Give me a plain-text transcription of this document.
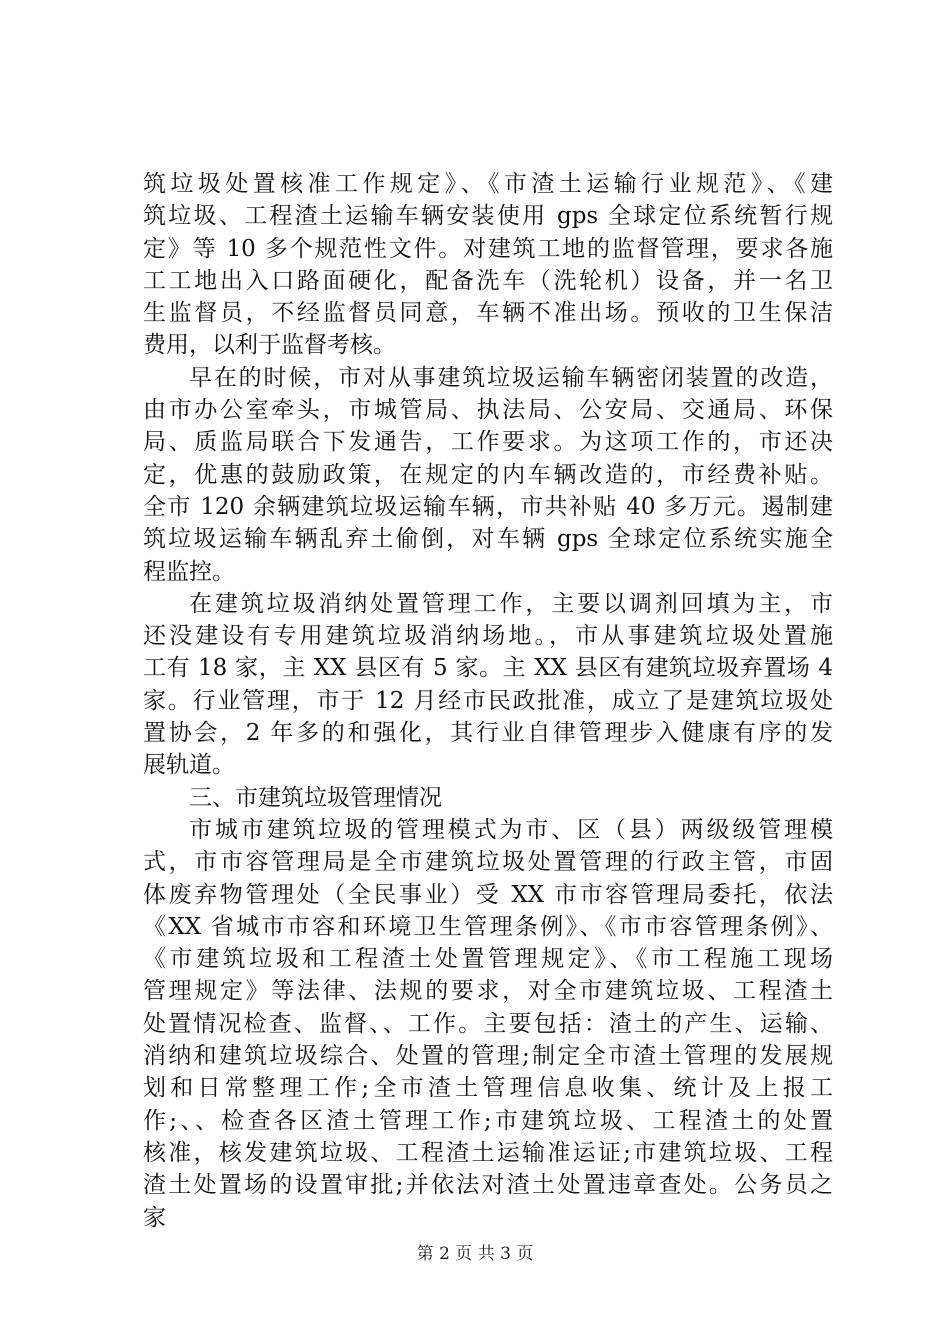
筑垃圾处置核准工作规定》、《市渣土运输行业规范》、《建
筑垃圾、工程渣土运输车辆安装使用 gps 全球定位系统暂行规
定》等 10 多个规范性文件。对建筑工地的监督管理，要求各施
工工地出入口路面硬化，配备洗车（洗轮机）设备，并一名卫
生监督员，不经监督员同意，车辆不准出场。预收的卫生保洁
费用，以利于监督考核。
早在的时候，市对从事建筑垃圾运输车辆密闭装置的改造，
由市办公室牵头，市城管局、执法局、公安局、交通局、环保
局、质监局联合下发通告，工作要求。为这项工作的，市还决
定，优惠的鼓励政策，在规定的内车辆改造的，市经费补贴。
全市 120 余辆建筑垃圾运输车辆，市共补贴 40 多万元。遏制建
筑垃圾运输车辆乱弃土偷倒，对车辆 gps 全球定位系统实施全
程监控。
在建筑垃圾消纳处置管理工作，主要以调剂回填为主，市
还没建设有专用建筑垃圾消纳场地。，市从事建筑垃圾处置施
工有 18 家，主 XX 县区有 5 家。主 XX 县区有建筑垃圾弃置场 4
家。行业管理，市于 12 月经市民政批准，成立了是建筑垃圾处
置协会，2 年多的和强化，其行业自律管理步入健康有序的发
展轨道。
三、市建筑垃圾管理情况
市城市建筑垃圾的管理模式为市、区（县）两级级管理模
式，市市容管理局是全市建筑垃圾处置管理的行政主管，市固
体废弃物管理处（全民事业）受 XX 市市容管理局委托，依法
《XX 省城市市容和环境卫生管理条例》、《市市容管理条例》、
《市建筑垃圾和工程渣土处置管理规定》、《市工程施工现场
管理规定》等法律、法规的要求，对全市建筑垃圾、工程渣土
处置情况检查、监督、、工作。主要包括：渣土的产生、运输、
消纳和建筑垃圾综合、处置的管理;制定全市渣土管理的发展规
划和日常整理工作;全市渣土管理信息收集、统计及上报工
作;、、检查各区渣土管理工作;市建筑垃圾、工程渣土的处置
核准，核发建筑垃圾、工程渣土运输准运证;市建筑垃圾、工程
渣土处置场的设置审批;并依法对渣土处置违章查处。公务员之
家
第 2 页 共 3 页
